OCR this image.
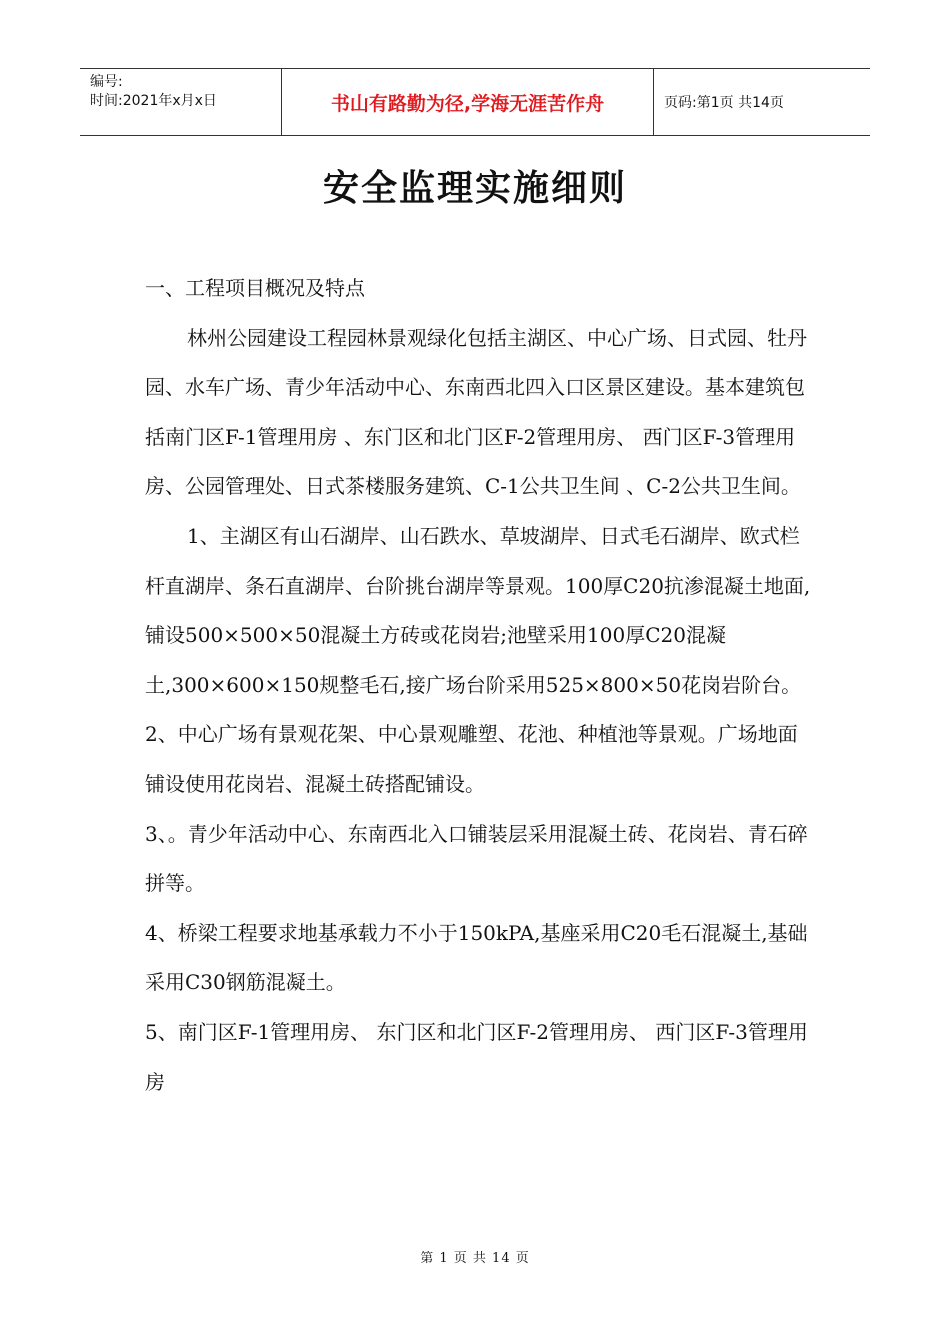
编号:
时间:2021年x月x日	书山有路勤为径,学海无涯苦作舟	页码:第1页 共14页
安全监理实施细则

一、工程项目概况及特点

林州公园建设工程园林景观绿化包括主湖区、中心广场、日式园、牡丹园、水车广场、青少年活动中心、东南西北四入口区景区建设。基本建筑包括南门区F-1管理用房 、东门区和北门区F-2管理用房、 西门区F-3管理用房、公园管理处、日式茶楼服务建筑、C-1公共卫生间 、C-2公共卫生间。

1、主湖区有山石湖岸、山石跌水、草坡湖岸、日式毛石湖岸、欧式栏杆直湖岸、条石直湖岸、台阶挑台湖岸等景观。100厚C20抗渗混凝土地面,铺设500×500×50混凝土方砖或花岗岩;池壁采用100厚C20混凝土,300×600×150规整毛石,接广场台阶采用525×800×50花岗岩阶台。

2、中心广场有景观花架、中心景观雕塑、花池、种植池等景观。广场地面铺设使用花岗岩、混凝土砖搭配铺设。

3、。青少年活动中心、东南西北入口铺装层采用混凝土砖、花岗岩、青石碎拼等。

4、桥梁工程要求地基承载力不小于150kPA,基座采用C20毛石混凝土,基础采用C30钢筋混凝土。

5、南门区F-1管理用房、 东门区和北门区F-2管理用房、 西门区F-3管理用房

第 1 页 共 14 页
